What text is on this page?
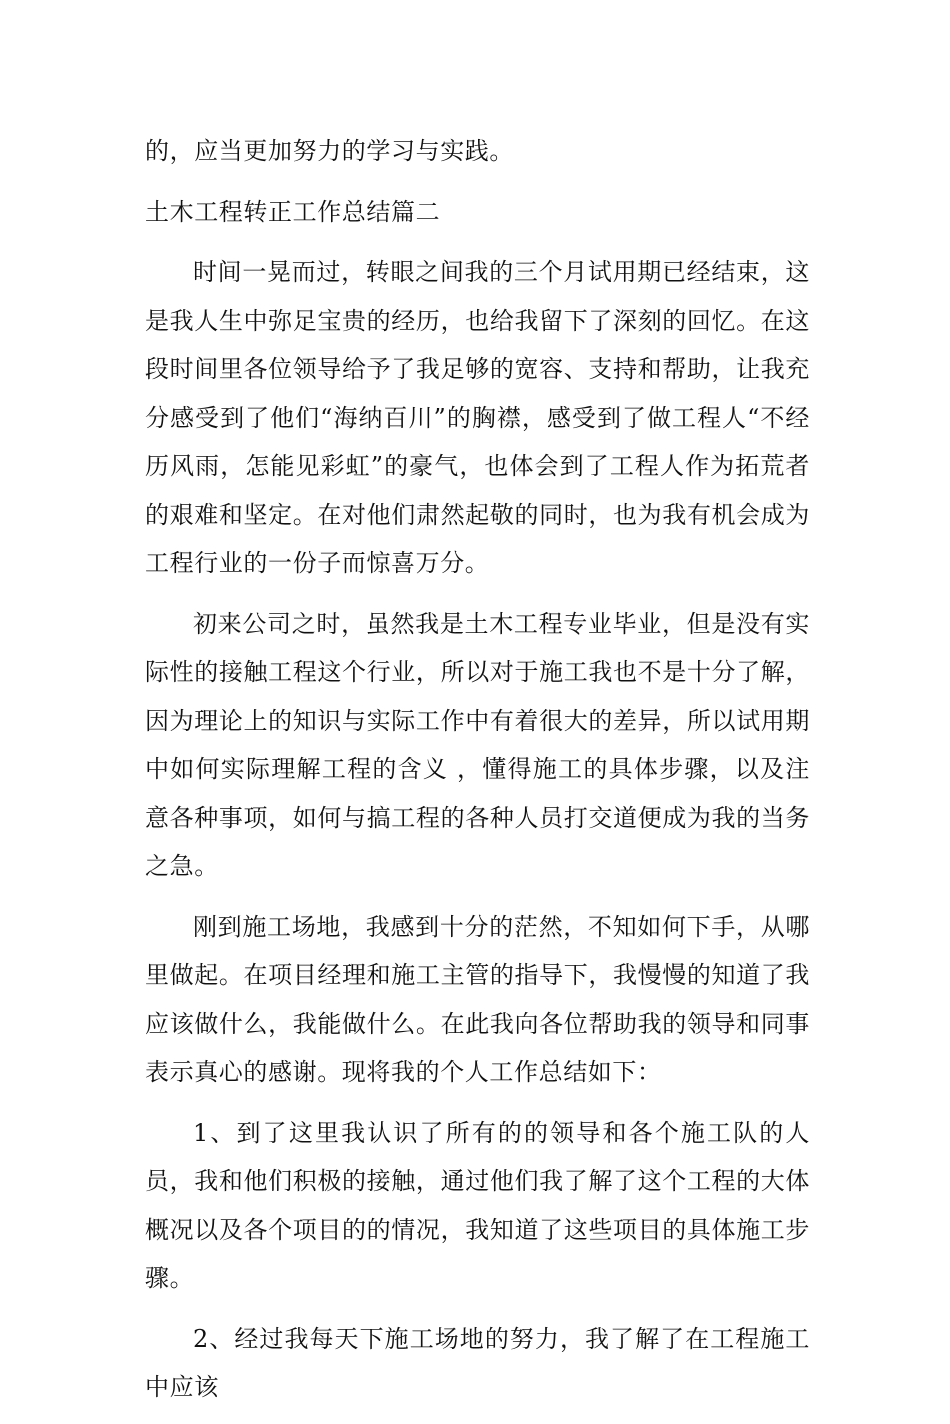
的，应当更加努力的学习与实践。

土木工程转正工作总结篇二

时间一晃而过，转眼之间我的三个月试用期已经结束，这是我人生中弥足宝贵的经历，也给我留下了深刻的回忆。在这段时间里各位领导给予了我足够的宽容、支持和帮助，让我充分感受到了他们“海纳百川”的胸襟，感受到了做工程人“不经历风雨，怎能见彩虹”的豪气，也体会到了工程人作为拓荒者的艰难和坚定。在对他们肃然起敬的同时，也为我有机会成为工程行业的一份子而惊喜万分。

初来公司之时，虽然我是土木工程专业毕业，但是没有实际性的接触工程这个行业，所以对于施工我也不是十分了解，因为理论上的知识与实际工作中有着很大的差异，所以试用期中如何实际理解工程的含义 ，懂得施工的具体步骤，以及注意各种事项，如何与搞工程的各种人员打交道便成为我的当务之急。

刚到施工场地，我感到十分的茫然，不知如何下手，从哪里做起。在项目经理和施工主管的指导下，我慢慢的知道了我应该做什么，我能做什么。在此我向各位帮助我的领导和同事表示真心的感谢。现将我的个人工作总结如下：

1、到了这里我认识了所有的的领导和各个施工队的人员，我和他们积极的接触，通过他们我了解了这个工程的大体概况以及各个项目的的情况，我知道了这些项目的具体施工步骤。

2、经过我每天下施工场地的努力，我了解了在工程施工中应该
